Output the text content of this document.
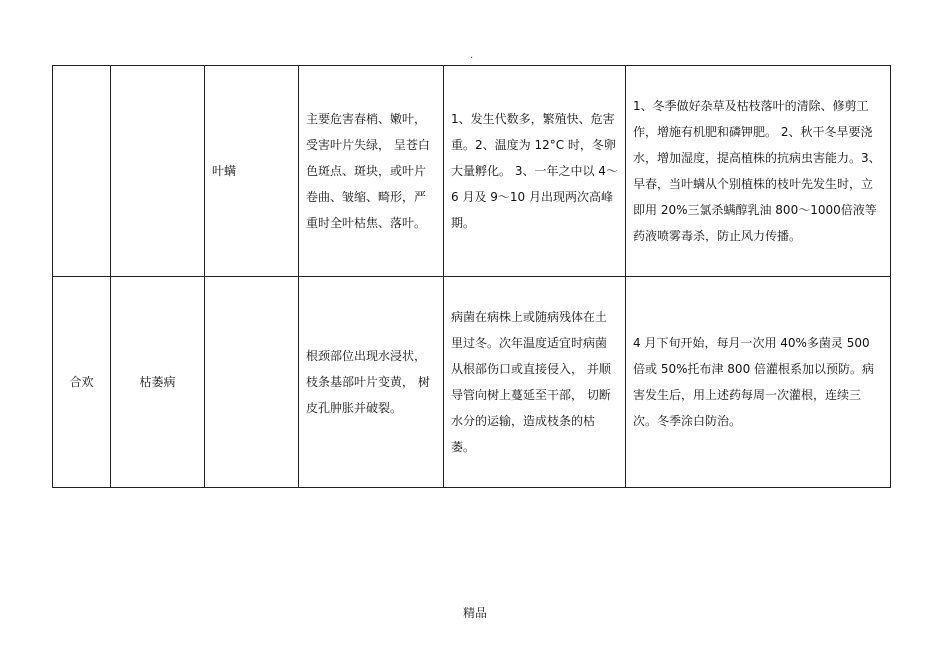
.
		叶螨	主要危害春梢、嫩叶，受害叶片失绿， 呈苍白色斑点、斑块，或叶片卷曲、皱缩、畸形，严重时全叶枯焦、落叶。	1、发生代数多，繁殖快、危害重。2、温度为 12°C 时，冬卵大量孵化。 3、一年之中以 4～6 月及 9～10 月出现两次高峰期。	1、冬季做好杂草及枯枝落叶的清除、修剪工作，增施有机肥和磷钾肥。 2、秋干冬旱要浇水，增加湿度，提高植株的抗病虫害能力。3、早春，当叶螨从个别植株的枝叶先发生时，立即用 20%三氯杀螨醇乳油 800～1000倍液等药液喷雾毒杀，防止风力传播。
合欢	枯萎病		根颈部位出现水浸状，枝条基部叶片变黄， 树皮孔肿胀并破裂。	病菌在病株上或随病残体在土里过冬。次年温度适宜时病菌从根部伤口或直接侵入， 并顺导管向树上蔓延至干部， 切断水分的运输，造成枝条的枯萎。	4 月下旬开始，每月一次用 40%多菌灵 500 倍或 50%托布津 800 倍灌根系加以预防。病害发生后，用上述药每周一次灌根，连续三次。冬季涂白防治。
精品
